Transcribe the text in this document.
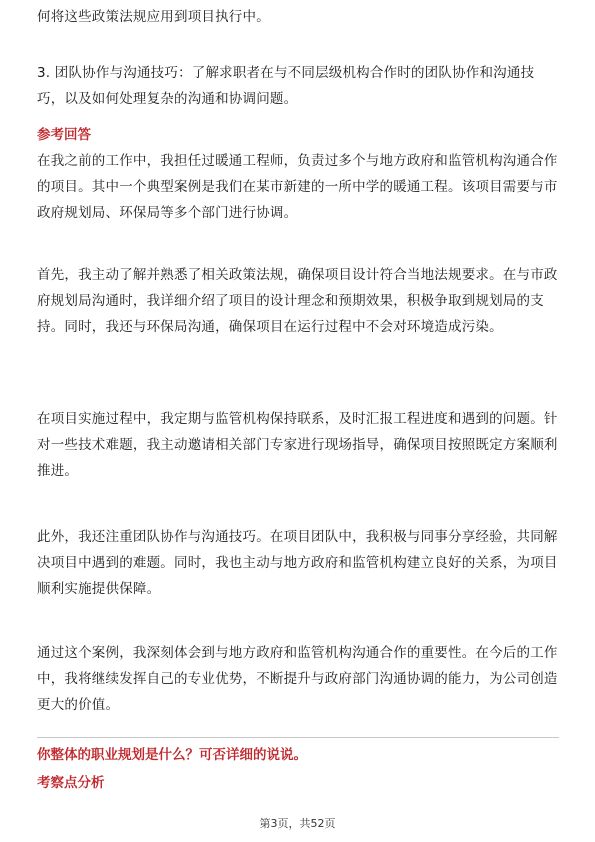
何将这些政策法规应用到项目执行中。

3. 团队协作与沟通技巧：了解求职者在与不同层级机构合作时的团队协作和沟通技巧，以及如何处理复杂的沟通和协调问题。

参考回答

在我之前的工作中，我担任过暖通工程师，负责过多个与地方政府和监管机构沟通合作的项目。其中一个典型案例是我们在某市新建的一所中学的暖通工程。该项目需要与市政府规划局、环保局等多个部门进行协调。

首先，我主动了解并熟悉了相关政策法规，确保项目设计符合当地法规要求。在与市政府规划局沟通时，我详细介绍了项目的设计理念和预期效果，积极争取到规划局的支持。同时，我还与环保局沟通，确保项目在运行过程中不会对环境造成污染。

在项目实施过程中，我定期与监管机构保持联系，及时汇报工程进度和遇到的问题。针对一些技术难题，我主动邀请相关部门专家进行现场指导，确保项目按照既定方案顺利推进。

此外，我还注重团队协作与沟通技巧。在项目团队中，我积极与同事分享经验，共同解决项目中遇到的难题。同时，我也主动与地方政府和监管机构建立良好的关系，为项目顺利实施提供保障。

通过这个案例，我深刻体会到与地方政府和监管机构沟通合作的重要性。在今后的工作中，我将继续发挥自己的专业优势，不断提升与政府部门沟通协调的能力，为公司创造更大的价值。

你整体的职业规划是什么？可否详细的说说。

考察点分析

第3页，共52页
